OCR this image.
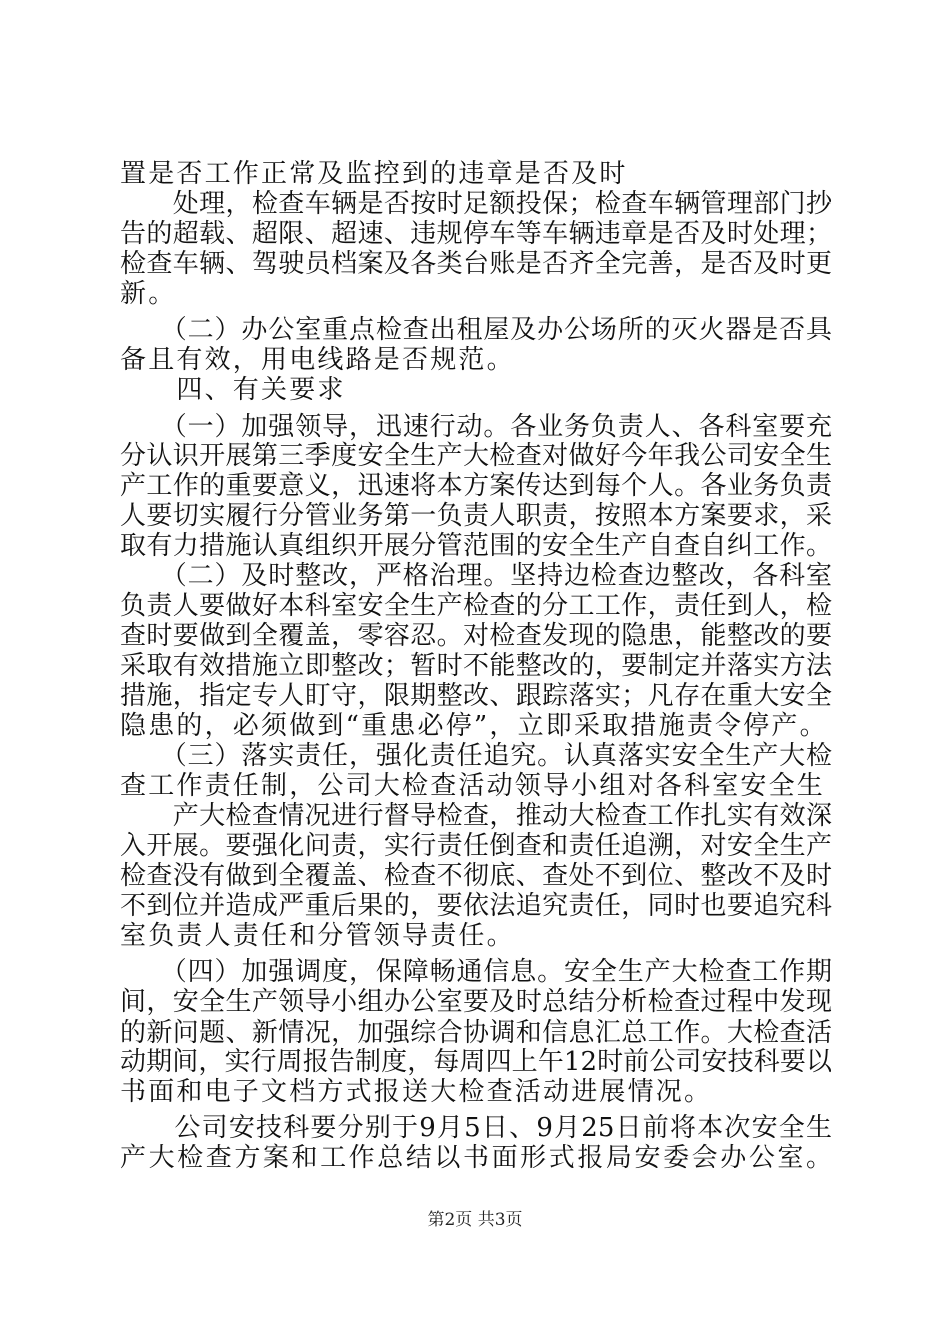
置是否工作正常及监控到的违章是否及时
　　处理，检查车辆是否按时足额投保；检查车辆管理部门抄
告的超载、超限、超速、违规停车等车辆违章是否及时处理；
检查车辆、驾驶员档案及各类台账是否齐全完善，是否及时更
新。
　　（二）办公室重点检查出租屋及办公场所的灭火器是否具
备且有效，用电线路是否规范。
　　四、有关要求
　　（一）加强领导，迅速行动。各业务负责人、各科室要充
分认识开展第三季度安全生产大检查对做好今年我公司安全生
产工作的重要意义，迅速将本方案传达到每个人。各业务负责
人要切实履行分管业务第一负责人职责，按照本方案要求，采
取有力措施认真组织开展分管范围的安全生产自查自纠工作。
　　（二）及时整改，严格治理。坚持边检查边整改，各科室
负责人要做好本科室安全生产检查的分工工作，责任到人，检
查时要做到全覆盖，零容忍。对检查发现的隐患，能整改的要
采取有效措施立即整改；暂时不能整改的，要制定并落实方法
措施，指定专人盯守，限期整改、跟踪落实；凡存在重大安全
隐患的，必须做到“重患必停”，立即采取措施责令停产。
　　（三）落实责任，强化责任追究。认真落实安全生产大检
查工作责任制，公司大检查活动领导小组对各科室安全生
　　产大检查情况进行督导检查，推动大检查工作扎实有效深
入开展。要强化问责，实行责任倒查和责任追溯，对安全生产
检查没有做到全覆盖、检查不彻底、查处不到位、整改不及时
不到位并造成严重后果的，要依法追究责任，同时也要追究科
室负责人责任和分管领导责任。
　　（四）加强调度，保障畅通信息。安全生产大检查工作期
间，安全生产领导小组办公室要及时总结分析检查过程中发现
的新问题、新情况，加强综合协调和信息汇总工作。大检查活
动期间，实行周报告制度，每周四上午12时前公司安技科要以
书面和电子文档方式报送大检查活动进展情况。
　　公司安技科要分别于9月5日、9月25日前将本次安全生
产大检查方案和工作总结以书面形式报局安委会办公室。
第2页 共3页
